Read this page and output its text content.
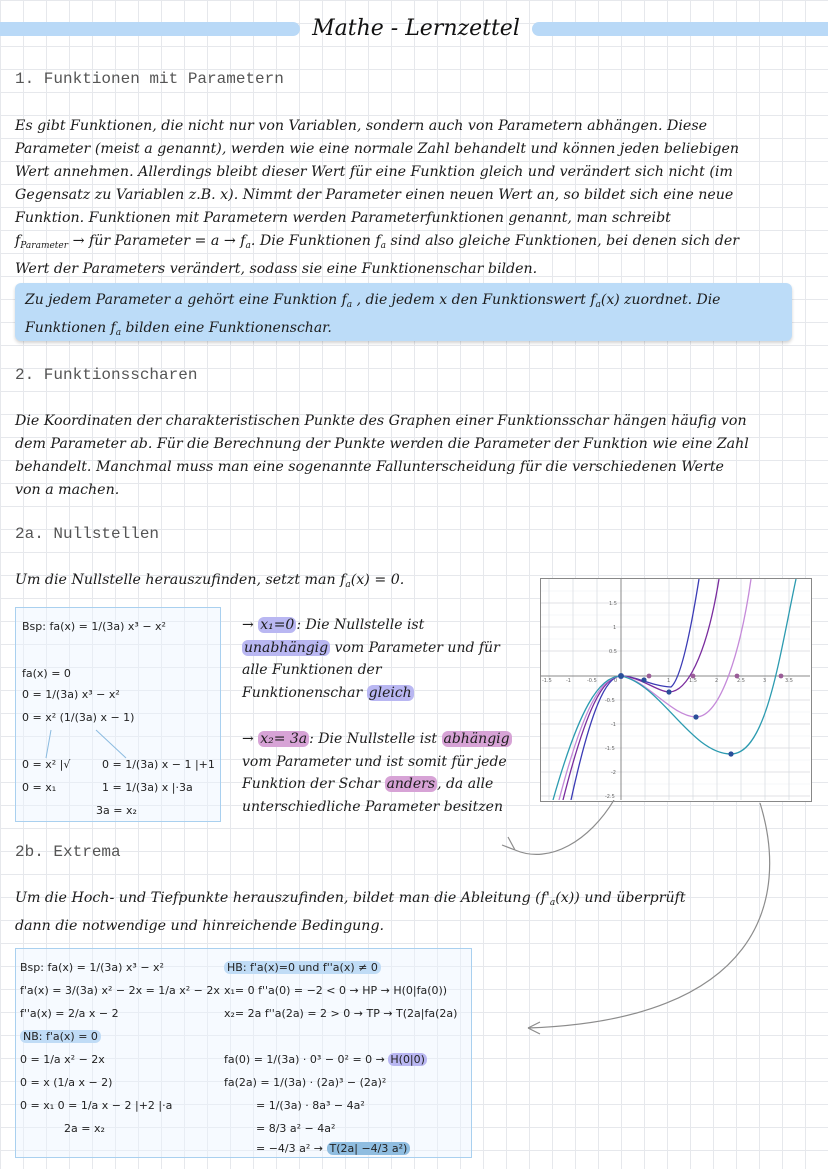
Mathe - Lernzettel
1. Funktionen mit Parametern
Es gibt Funktionen, die nicht nur von Variablen, sondern auch von Parametern abhängen. Diese
Parameter (meist a genannt), werden wie eine normale Zahl behandelt und können jeden beliebigen
Wert annehmen. Allerdings bleibt dieser Wert für eine Funktion gleich und verändert sich nicht (im
Gegensatz zu Variablen z.B. x). Nimmt der Parameter einen neuen Wert an, so bildet sich eine neue
Funktion. Funktionen mit Parametern werden Parameterfunktionen genannt, man schreibt
$f_{Parameter}$ → für Parameter = $a \to f_a$. Die Funktionen $f_a$ sind also gleiche Funktionen, bei denen sich der
Wert der Parameters verändert, sodass sie eine Funktionenschar bilden.
Zu jedem Parameter a gehört eine Funktion $f_a$ , die jedem x den Funktionswert $f_a(x)$ zuordnet. Die
Funktionen $f_a$ bilden eine Funktionenschar.
2. Funktionsscharen
Die Koordinaten der charakteristischen Punkte des Graphen einer Funktionsschar hängen häufig von
dem Parameter ab. Für die Berechnung der Punkte werden die Parameter der Funktion wie eine Zahl
behandelt. Manchmal muss man eine sogenannte Fallunterscheidung für die verschiedenen Werte
von a machen.
2a. Nullstellen
Um die Nullstelle herauszufinden, setzt man $f_a(x) = 0$.
Bsp: fa(x) = 1/(3a) x³ − x²
fa(x) = 0
0 = 1/(3a) x³ − x²
0 = x² (1/(3a) x − 1)
0 = x² |√	0 = 1/(3a) x − 1 |+1
0 = x₁	1 = 1/(3a) x |·3a
3a = x₂
→ x₁=0 : Die Nullstelle ist
unabhängig vom Parameter und für
alle Funktionen der
Funktionenschar gleich
→ x₂= 3a : Die Nullstelle ist abhängig
vom Parameter und ist somit für jede
Funktion der Schar anders , da alle
unterschiedliche Parameter besitzen
-1.5	-1	-0.5	0	1	1.5	2	2.5	3	3.5
1.5
1
0.5
-0.5
-1
-1.5
-2
-2.5
2b. Extrema
Um die Hoch- und Tiefpunkte herauszufinden, bildet man die Ableitung $(f'_a(x))$ und überprüft
dann die notwendige und hinreichende Bedingung.
Bsp: fa(x) = 1/(3a) x³ − x²
f'a(x) = 3/(3a) x² − 2x = 1/a x² − 2x
f''a(x) = 2/a x − 2
NB: f'a(x) = 0
0 = 1/a x² − 2x
0 = x (1/a x − 2)
0 = x₁ 0 = 1/a x − 2 |+2 |·a
2a = x₂
HB: f'a(x)=0 und f''a(x) ≠ 0
x₁= 0 f''a(0) = −2 < 0 → HP → H(0|fa(0))
x₂= 2a f''a(2a) = 2 > 0 → TP → T(2a|fa(2a)
fa(0) = 1/(3a) · 0³ − 0² = 0 → H(0|0)
fa(2a) = 1/(3a) · (2a)³ − (2a)²
= 1/(3a) · 8a³ − 4a²
= 8/3 a² − 4a²
= −4/3 a² → T(2a| −4/3 a²)
